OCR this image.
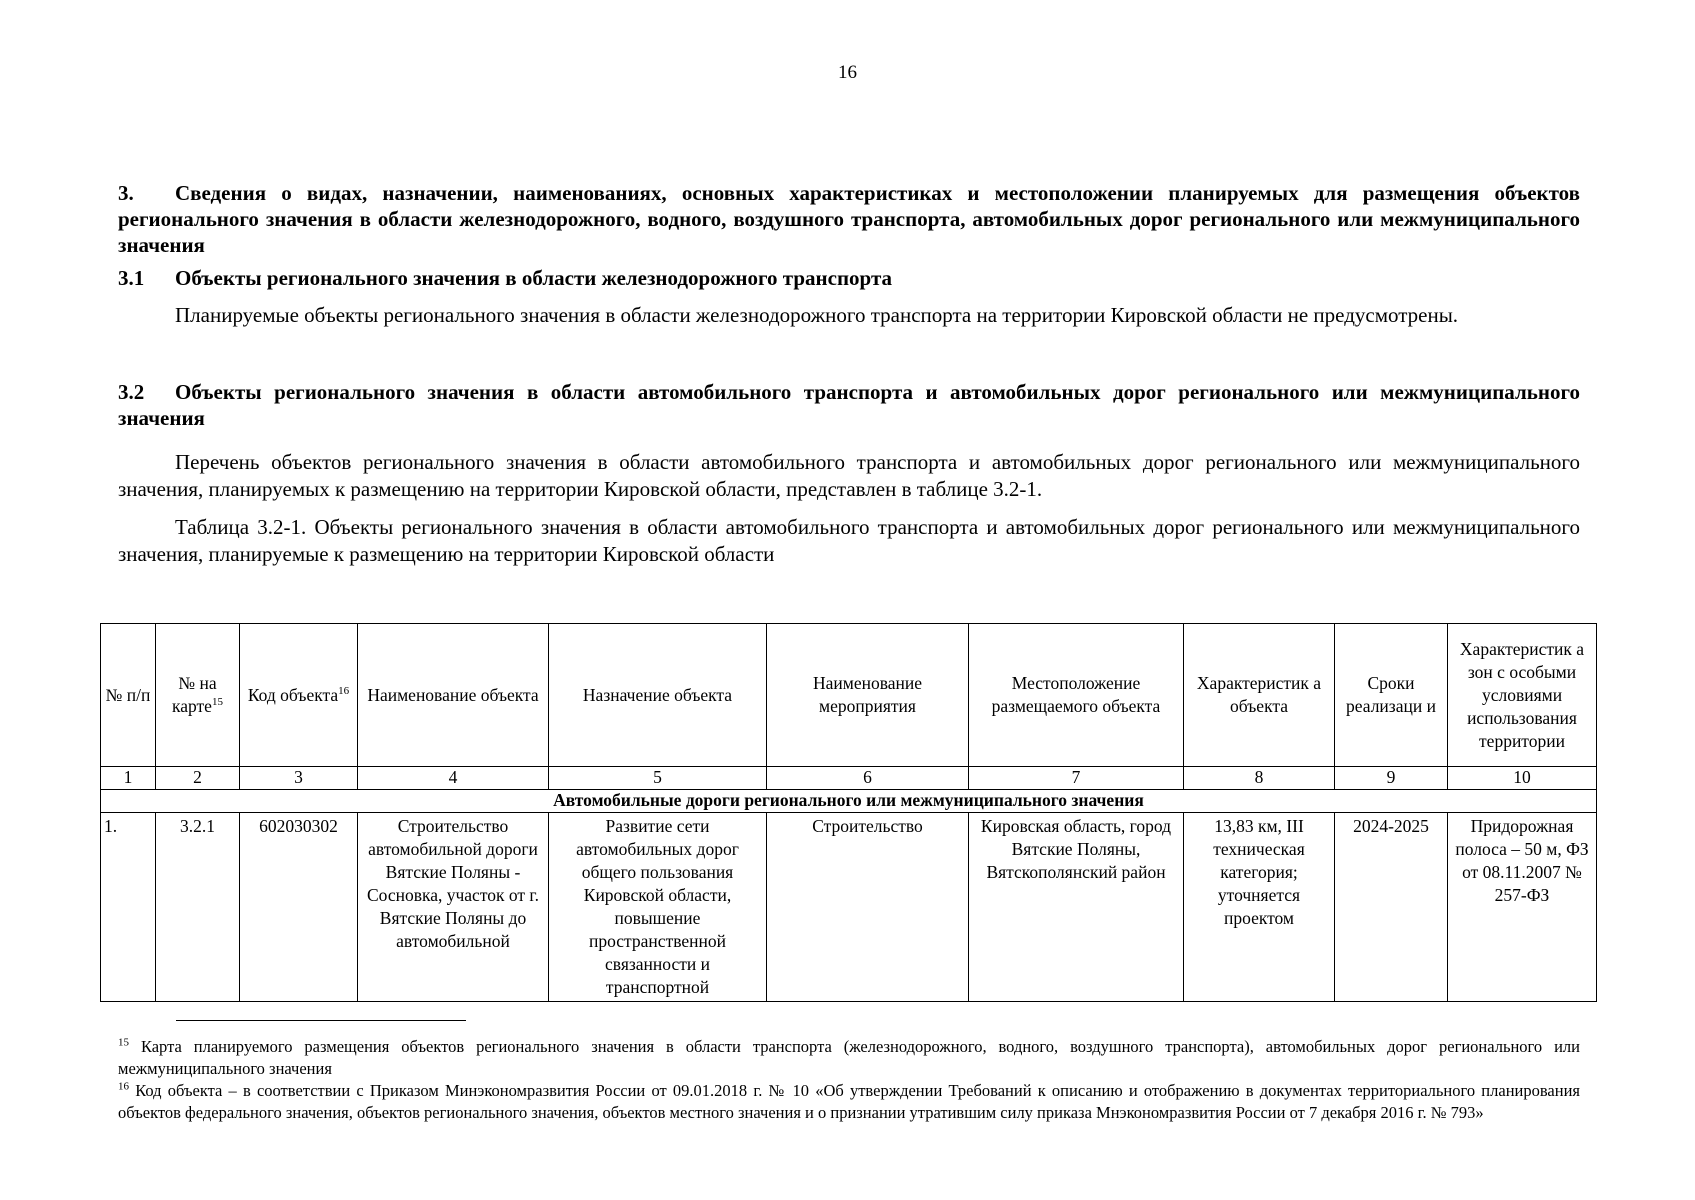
16
3. Сведения о видах, назначении, наименованиях, основных характеристиках и местоположении планируемых для размещения объектов регионального значения в области железнодорожного, водного, воздушного транспорта, автомобильных дорог регионального или межмуниципального значения
3.1 Объекты регионального значения в области железнодорожного транспорта
Планируемые объекты регионального значения в области железнодорожного транспорта на территории Кировской области не предусмотрены.
3.2 Объекты регионального значения в области автомобильного транспорта и автомобильных дорог регионального или межмуниципального значения
Перечень объектов регионального значения в области автомобильного транспорта и автомобильных дорог регионального или межмуниципального значения, планируемых к размещению на территории Кировской области, представлен в таблице 3.2-1.
Таблица 3.2-1. Объекты регионального значения в области автомобильного транспорта и автомобильных дорог регионального или межмуниципального значения, планируемые к размещению на территории Кировской области
№ п/п	№ на карте$^{15}$	Код объекта$^{16}$	Наименование объекта	Назначение объекта	Наименование мероприятия	Местоположение размещаемого объекта	Характеристик а объекта	Сроки реализаци и	Характеристик а зон с особыми условиями использования территории
1	2	3	4	5	6	7	8	9	10
Автомобильные дороги регионального или межмуниципального значения									
1.	3.2.1	602030302	Строительство автомобильной дороги Вятские Поляны - Сосновка, участок от г. Вятские Поляны до автомобильной	Развитие сети автомобильных дорог общего пользования Кировской области, повышение пространственной связанности и транспортной	Строительство	Кировская область, город Вятские Поляны, Вятскополянский район	13,83 км, III техническая категория; уточняется проектом	2024-2025	Придорожная полоса – 50 м, ФЗ от 08.11.2007 № 257-ФЗ
$^{15}$ Карта планируемого размещения объектов регионального значения в области транспорта (железнодорожного, водного, воздушного транспорта), автомобильных дорог регионального или межмуниципального значения
$^{16}$ Код объекта – в соответствии с Приказом Минэкономразвития России от 09.01.2018 г. № 10 «Об утверждении Требований к описанию и отображению в документах территориального планирования объектов федерального значения, объектов регионального значения, объектов местного значения и о признании утратившим силу приказа Мнэкономразвития России от 7 декабря 2016 г. № 793»
